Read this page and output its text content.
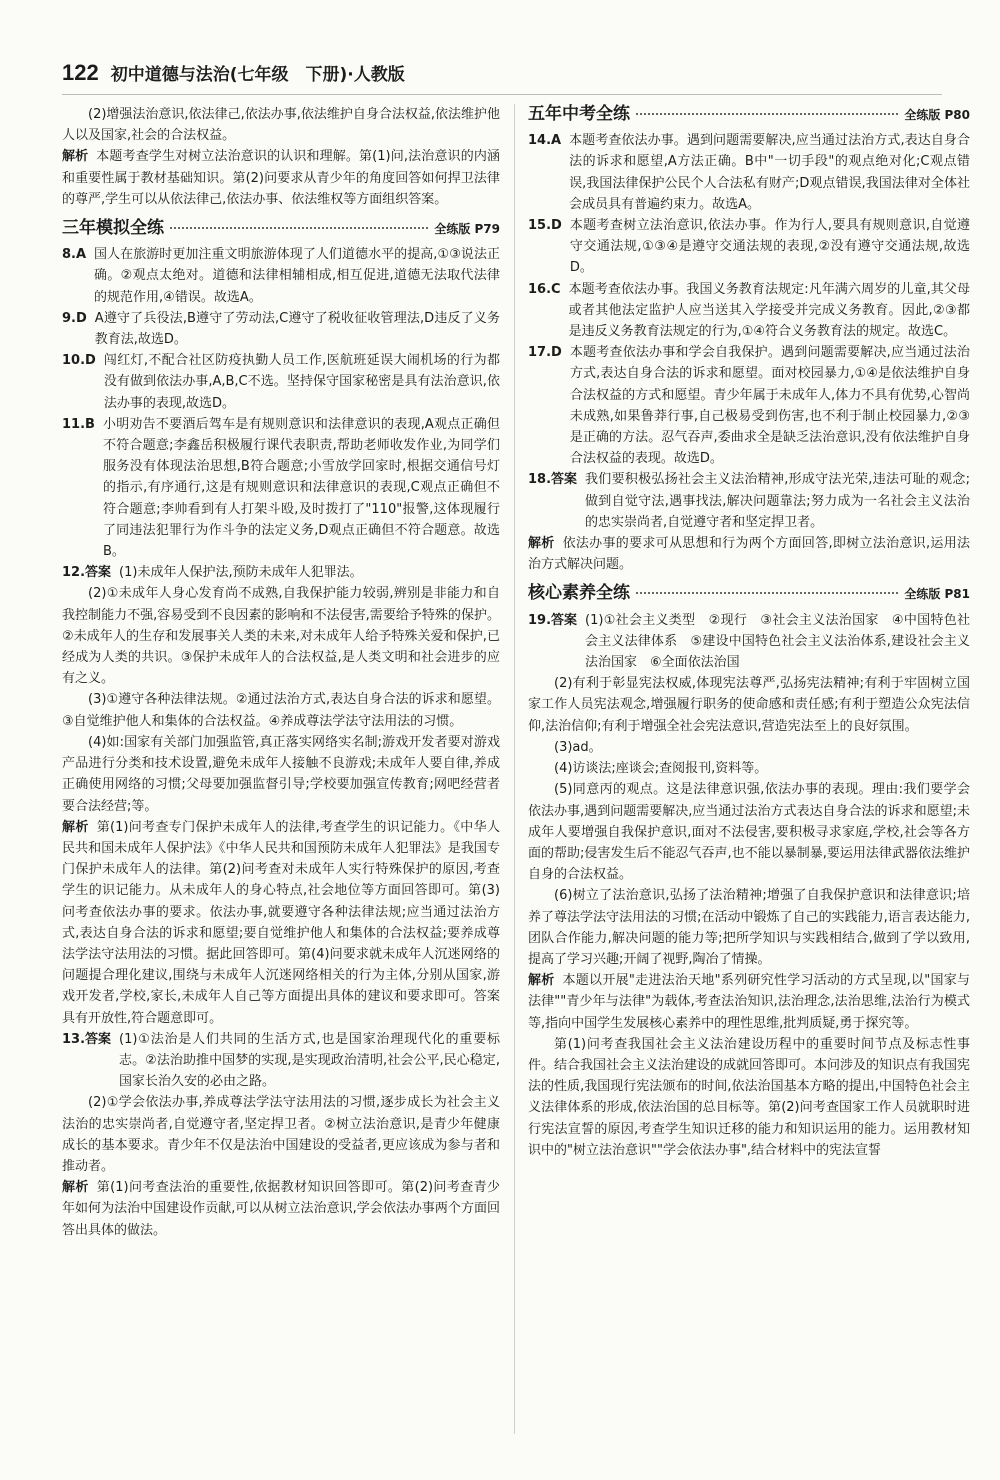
122 初中道德与法治(七年级　下册)·人教版

(2)增强法治意识,依法律己,依法办事,依法维护自身合法权益,依法维护他人以及国家,社会的合法权益。

解析 本题考查学生对树立法治意识的认识和理解。第(1)问,法治意识的内涵和重要性属于教材基础知识。第(2)问要求从青少年的角度回答如何捍卫法律的尊严,学生可以从依法律己,依法办事、依法维权等方面组织答案。

三年模拟全练	全练版 P79
8.A 国人在旅游时更加注重文明旅游体现了人们道德水平的提高,①③说法正确。②观点太绝对。道德和法律相辅相成,相互促进,道德无法取代法律的规范作用,④错误。故选A。
9.D A遵守了兵役法,B遵守了劳动法,C遵守了税收征收管理法,D违反了义务教育法,故选D。
10.D 闯红灯,不配合社区防疫执勤人员工作,医航班延误大闹机场的行为都没有做到依法办事,A,B,C不选。坚持保守国家秘密是具有法治意识,依法办事的表现,故选D。
11.B 小明劝告不要酒后驾车是有规则意识和法律意识的表现,A观点正确但不符合题意;李鑫岳积极履行课代表职责,帮助老师收发作业,为同学们服务没有体现法治思想,B符合题意;小雪放学回家时,根据交通信号灯的指示,有序通行,这是有规则意识和法律意识的表现,C观点正确但不符合题意;李帅看到有人打架斗殴,及时拨打了"110"报警,这体现履行了同违法犯罪行为作斗争的法定义务,D观点正确但不符合题意。故选B。
12.答案 (1)未成年人保护法,预防未成年人犯罪法。

(2)①未成年人身心发育尚不成熟,自我保护能力较弱,辨别是非能力和自我控制能力不强,容易受到不良因素的影响和不法侵害,需要给予特殊的保护。②未成年人的生存和发展事关人类的未来,对未成年人给予特殊关爱和保护,已经成为人类的共识。③保护未成年人的合法权益,是人类文明和社会进步的应有之义。

(3)①遵守各种法律法规。②通过法治方式,表达自身合法的诉求和愿望。③自觉维护他人和集体的合法权益。④养成尊法学法守法用法的习惯。

(4)如:国家有关部门加强监管,真正落实网络实名制;游戏开发者要对游戏产品进行分类和技术设置,避免未成年人接触不良游戏;未成年人要自律,养成正确使用网络的习惯;父母要加强监督引导;学校要加强宣传教育;网吧经营者要合法经营;等。

解析 第(1)问考查专门保护未成年人的法律,考查学生的识记能力。《中华人民共和国未成年人保护法》《中华人民共和国预防未成年人犯罪法》是我国专门保护未成年人的法律。第(2)问考查对未成年人实行特殊保护的原因,考查学生的识记能力。从未成年人的身心特点,社会地位等方面回答即可。第(3)问考查依法办事的要求。依法办事,就要遵守各种法律法规;应当通过法治方式,表达自身合法的诉求和愿望;要自觉维护他人和集体的合法权益;要养成尊法学法守法用法的习惯。据此回答即可。第(4)问要求就未成年人沉迷网络的问题提合理化建议,围绕与未成年人沉迷网络相关的行为主体,分别从国家,游戏开发者,学校,家长,未成年人自己等方面提出具体的建议和要求即可。答案具有开放性,符合题意即可。

13.答案 (1)①法治是人们共同的生活方式,也是国家治理现代化的重要标志。②法治助推中国梦的实现,是实现政治清明,社会公平,民心稳定,国家长治久安的必由之路。

(2)①学会依法办事,养成尊法学法守法用法的习惯,逐步成长为社会主义法治的忠实崇尚者,自觉遵守者,坚定捍卫者。②树立法治意识,是青少年健康成长的基本要求。青少年不仅是法治中国建设的受益者,更应该成为参与者和推动者。

解析 第(1)问考查法治的重要性,依据教材知识回答即可。第(2)问考查青少年如何为法治中国建设作贡献,可以从树立法治意识,学会依法办事两个方面回答出具体的做法。

五年中考全练	全练版 P80
14.A 本题考查依法办事。遇到问题需要解决,应当通过法治方式,表达自身合法的诉求和愿望,A方法正确。B中"一切手段"的观点绝对化;C观点错误,我国法律保护公民个人合法私有财产;D观点错误,我国法律对全体社会成员具有普遍约束力。故选A。
15.D 本题考查树立法治意识,依法办事。作为行人,要具有规则意识,自觉遵守交通法规,①③④是遵守交通法规的表现,②没有遵守交通法规,故选D。
16.C 本题考查依法办事。我国义务教育法规定:凡年满六周岁的儿童,其父母或者其他法定监护人应当送其入学接受并完成义务教育。因此,②③都是违反义务教育法规定的行为,①④符合义务教育法的规定。故选C。
17.D 本题考查依法办事和学会自我保护。遇到问题需要解决,应当通过法治方式,表达自身合法的诉求和愿望。面对校园暴力,①④是依法维护自身合法权益的方式和愿望。青少年属于未成年人,体力不具有优势,心智尚未成熟,如果鲁莽行事,自己极易受到伤害,也不利于制止校园暴力,②③是正确的方法。忍气吞声,委曲求全是缺乏法治意识,没有依法维护自身合法权益的表现。故选D。
18.答案 我们要积极弘扬社会主义法治精神,形成守法光荣,违法可耻的观念;做到自觉守法,遇事找法,解决问题靠法;努力成为一名社会主义法治的忠实崇尚者,自觉遵守者和坚定捍卫者。

解析 依法办事的要求可从思想和行为两个方面回答,即树立法治意识,运用法治方式解决问题。

核心素养全练	全练版 P81
19.答案 (1)①社会主义类型　②现行　③社会主义法治国家　④中国特色社会主义法律体系　⑤建设中国特色社会主义法治体系,建设社会主义法治国家　⑥全面依法治国

(2)有利于彰显宪法权威,体现宪法尊严,弘扬宪法精神;有利于牢固树立国家工作人员宪法观念,增强履行职务的使命感和责任感;有利于塑造公众宪法信仰,法治信仰;有利于增强全社会宪法意识,营造宪法至上的良好氛围。

(3)ad。

(4)访谈法;座谈会;查阅报刊,资料等。

(5)同意丙的观点。这是法律意识强,依法办事的表现。理由:我们要学会依法办事,遇到问题需要解决,应当通过法治方式表达自身合法的诉求和愿望;未成年人要增强自我保护意识,面对不法侵害,要积极寻求家庭,学校,社会等各方面的帮助;侵害发生后不能忍气吞声,也不能以暴制暴,要运用法律武器依法维护自身的合法权益。

(6)树立了法治意识,弘扬了法治精神;增强了自我保护意识和法律意识;培养了尊法学法守法用法的习惯;在活动中锻炼了自己的实践能力,语言表达能力,团队合作能力,解决问题的能力等;把所学知识与实践相结合,做到了学以致用,提高了学习兴趣;开阔了视野,陶冶了情操。

解析 本题以开展"走进法治天地"系列研究性学习活动的方式呈现,以"国家与法律""青少年与法律"为载体,考查法治知识,法治理念,法治思维,法治行为模式等,指向中国学生发展核心素养中的理性思维,批判质疑,勇于探究等。

第(1)问考查我国社会主义法治建设历程中的重要时间节点及标志性事件。结合我国社会主义法治建设的成就回答即可。本问涉及的知识点有我国宪法的性质,我国现行宪法颁布的时间,依法治国基本方略的提出,中国特色社会主义法律体系的形成,依法治国的总目标等。第(2)问考查国家工作人员就职时进行宪法宣誓的原因,考查学生知识迁移的能力和知识运用的能力。运用教材知识中的"树立法治意识""学会依法办事",结合材料中的宪法宣誓
